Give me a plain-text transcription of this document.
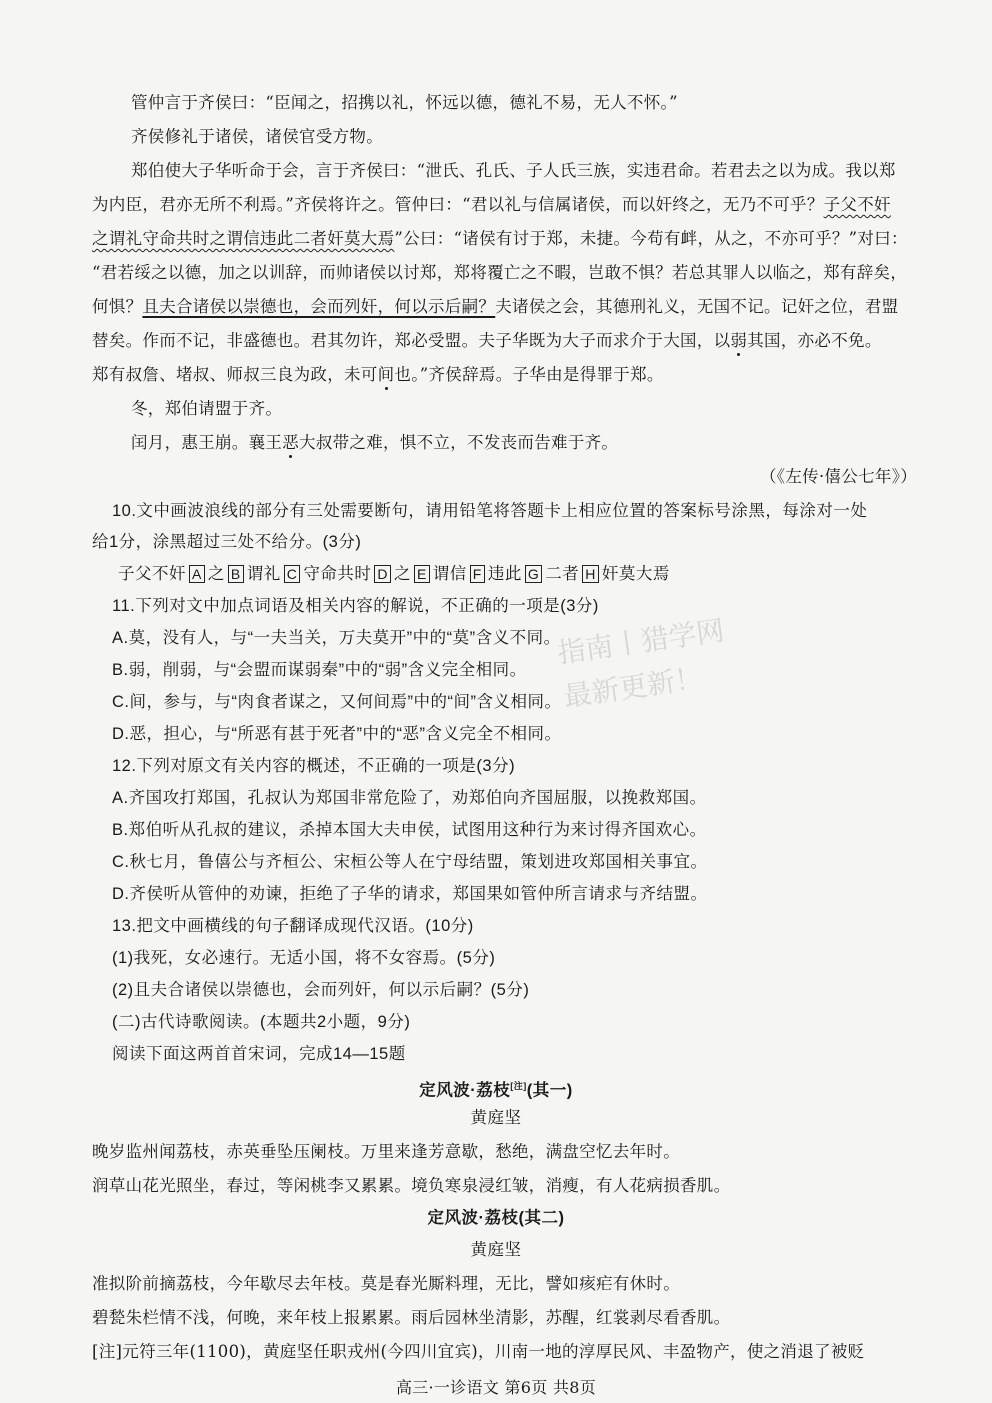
管仲言于齐侯曰：“臣闻之，招携以礼，怀远以德，德礼不易，无人不怀。”
齐侯修礼于诸侯，诸侯官受方物。
郑伯使大子华听命于会，言于齐侯曰：“泄氏、孔氏、子人氏三族，实违君命。若君去之以为成。我以郑
为内臣，君亦无所不利焉。”齐侯将许之。管仲曰：“君以礼与信属诸侯，而以奸终之，无乃不可乎？子父不奸
之谓礼守命共时之谓信违此二者奸莫大焉”公曰：“诸侯有讨于郑，未捷。今苟有衅，从之，不亦可乎？”对曰：
“君若绥之以德，加之以训辞，而帅诸侯以讨郑，郑将覆亡之不暇，岂敢不惧？若总其罪人以临之，郑有辞矣，
何惧？且夫合诸侯以崇德也，会而列奸，何以示后嗣？夫诸侯之会，其德刑礼义，无国不记。记奸之位，君盟
替矣。作而不记，非盛德也。君其勿许，郑必受盟。夫子华既为大子而求介于大国，以弱其国，亦必不免。
郑有叔詹、堵叔、师叔三良为政，未可间也。”齐侯辞焉。子华由是得罪于郑。
冬，郑伯请盟于齐。
闰月，惠王崩。襄王恶大叔带之难，惧不立，不发丧而告难于齐。
（《左传·僖公七年》）
10.文中画波浪线的部分有三处需要断句，请用铅笔将答题卡上相应位置的答案标号涂黑，每涂对一处
给1分，涂黑超过三处不给分。(3分)
子父不奸 A 之 B 谓礼 C 守命共时 D 之 E 谓信 F 违此 G 二者 H 奸莫大焉
11.下列对文中加点词语及相关内容的解说，不正确的一项是(3分)
A.莫，没有人，与“一夫当关，万夫莫开”中的“莫”含义不同。
B.弱，削弱，与“会盟而谋弱秦”中的“弱”含义完全相同。
C.间，参与，与“肉食者谋之，又何间焉”中的“间”含义相同。
D.恶，担心，与“所恶有甚于死者”中的“恶”含义完全不相同。
12.下列对原文有关内容的概述，不正确的一项是(3分)
A.齐国攻打郑国，孔叔认为郑国非常危险了，劝郑伯向齐国屈服，以挽救郑国。
B.郑伯听从孔叔的建议，杀掉本国大夫申侯，试图用这种行为来讨得齐国欢心。
C.秋七月，鲁僖公与齐桓公、宋桓公等人在宁母结盟，策划进攻郑国相关事宜。
D.齐侯听从管仲的劝谏，拒绝了子华的请求，郑国果如管仲所言请求与齐结盟。
13.把文中画横线的句子翻译成现代汉语。(10分)
(1)我死，女必速行。无适小国，将不女容焉。(5分)
(2)且夫合诸侯以崇德也，会而列奸，何以示后嗣？(5分)
(二)古代诗歌阅读。(本题共2小题，9分)
阅读下面这两首首宋词，完成14—15题
定风波·荔枝[注](其一)
黄庭坚
晚岁监州闻荔枝，赤英垂坠压阑枝。万里来逢芳意歇，愁绝，满盘空忆去年时。
润草山花光照坐，春过，等闲桃李又累累。境负寒泉浸红皱，消瘦，有人花病损香肌。
定风波·荔枝(其二)
黄庭坚
准拟阶前摘荔枝，今年歇尽去年枝。莫是春光厮料理，无比，譬如痎疟有休时。
碧甃朱栏情不浅，何晚，来年枝上报累累。雨后园林坐清影，苏醒，红裳剥尽看香肌。
[注]元符三年(1100)，黄庭坚任职戎州(今四川宜宾)，川南一地的淳厚民风、丰盈物产，使之消退了被贬
高三·一诊语文 第6页 共8页
指南丨猎学网
最新更新！
